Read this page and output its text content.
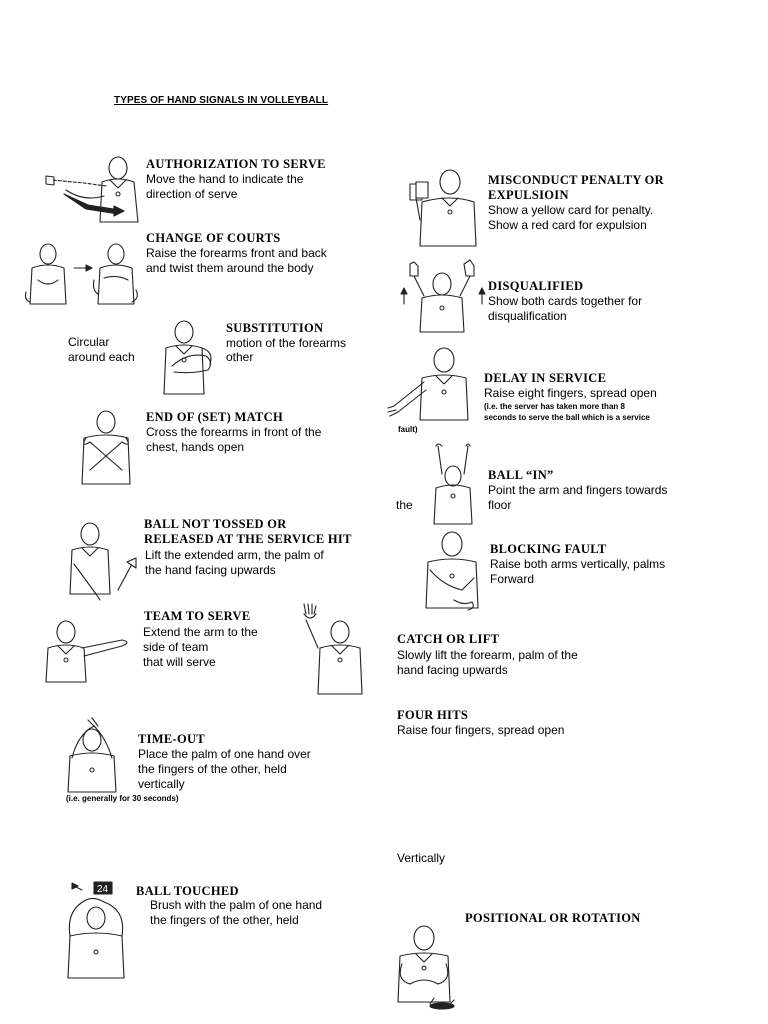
TYPES OF HAND SIGNALS IN VOLLEYBALL
AUTHORIZATION TO SERVE
Move the hand to indicate the
direction of serve
CHANGE OF COURTS
Raise the forearms front and back
and twist them around the body
Circular
around each
SUBSTITUTION
motion of the forearms
other
END OF (SET) MATCH
Cross the forearms in front of the
chest, hands open
BALL NOT TOSSED OR
RELEASED AT THE SERVICE HIT
Lift the extended arm, the palm of
the hand facing upwards
TEAM TO SERVE
Extend the arm to the
side of team
that will serve
TIME-OUT
Place the palm of one hand over
the fingers of the other, held
vertically
(i.e. generally for 30 seconds)
24 BALL TOUCHED
Brush with the palm of one hand
the fingers of the other, held
MISCONDUCT PENALTY OR
EXPULSIOIN
Show a yellow card for penalty.
Show a red card for expulsion
DISQUALIFIED
Show both cards together for
disqualification
DELAY IN SERVICE
Raise eight fingers, spread open
(i.e. the server has taken more than 8
seconds to serve the ball which is a service
fault)
BALL “IN”
Point the arm and fingers towards
the	floor
BLOCKING FAULT
Raise both arms vertically, palms
Forward
CATCH OR LIFT
Slowly lift the forearm, palm of the
hand facing upwards
FOUR HITS
Raise four fingers, spread open
Vertically
POSITIONAL OR ROTATION
